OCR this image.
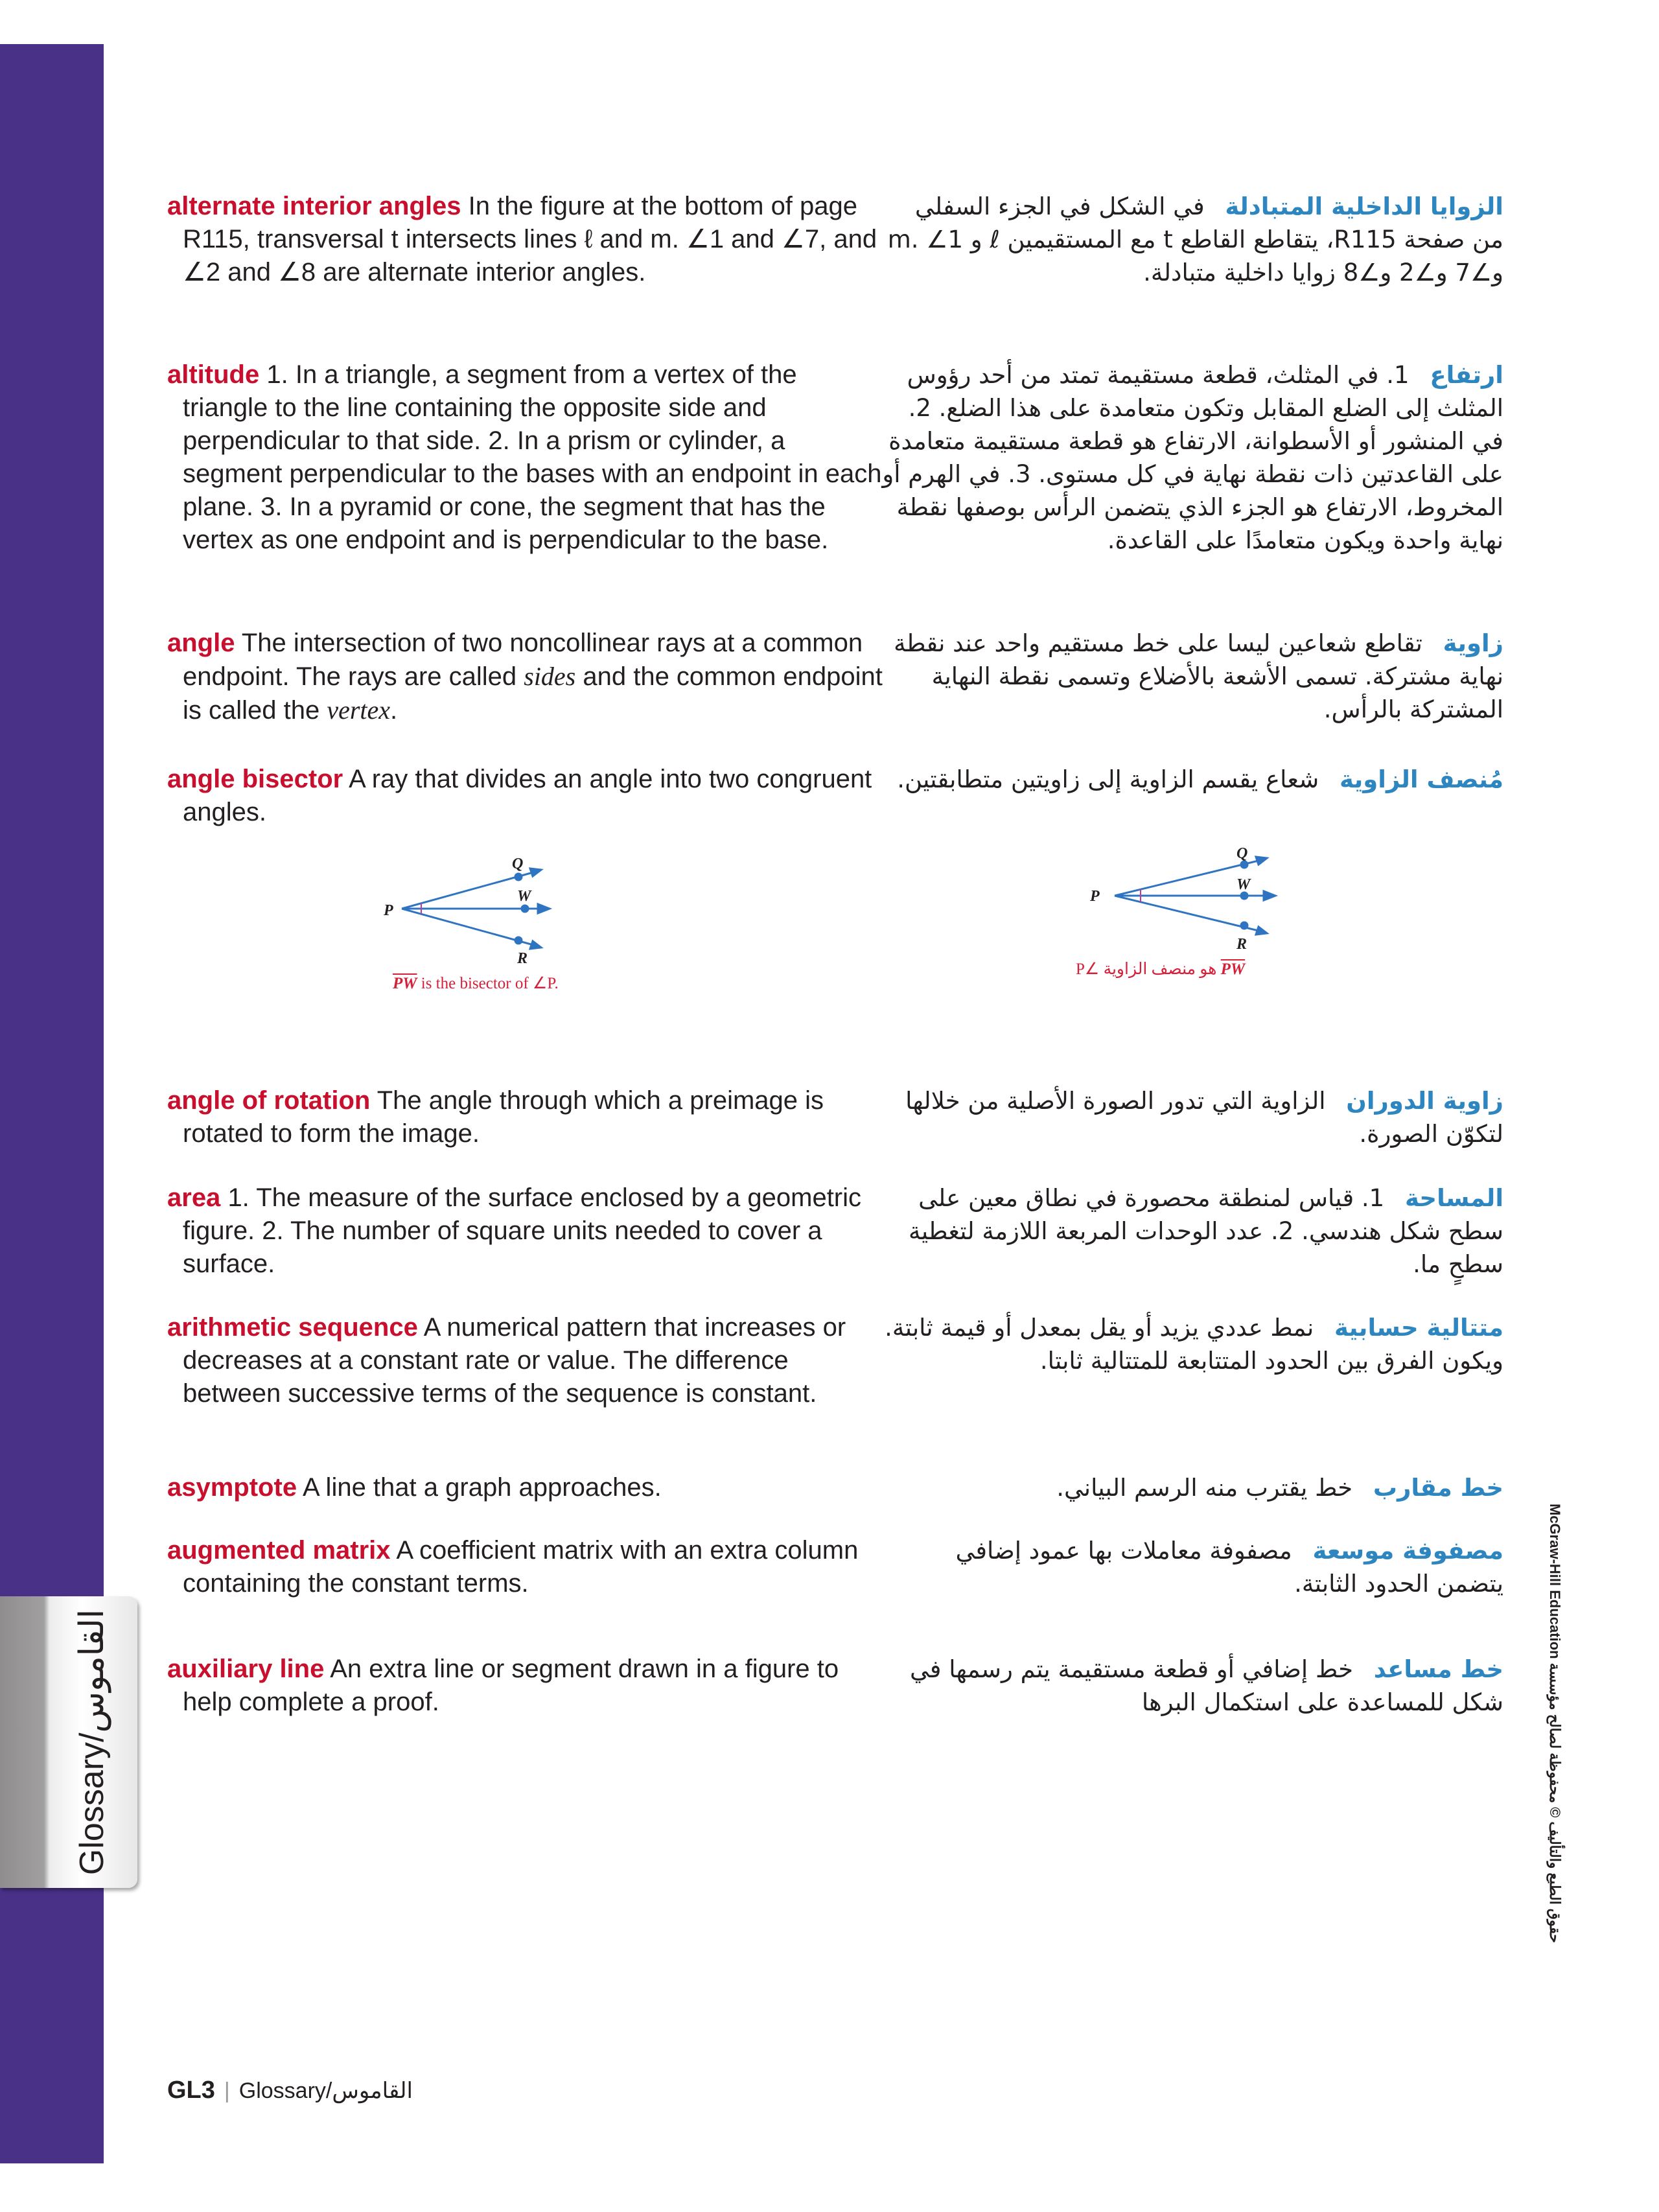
Glossary/القاموس
alternate interior angles In the figure at the bottom of page R115, transversal t intersects lines ℓ and m. ∠1 and ∠7, and ∠2 and ∠8 are alternate interior angles.
الزوايا الداخلية المتبادلة في الشكل في الجزء السفلي من صفحة R115، يتقاطع القاطع t مع المستقيمين ℓ و m. ∠1 و∠7 و∠2 و∠8 زوايا داخلية متبادلة.
altitude 1. In a triangle, a segment from a vertex of the triangle to the line containing the opposite side and perpendicular to that side. 2. In a prism or cylinder, a segment perpendicular to the bases with an endpoint in each plane. 3. In a pyramid or cone, the segment that has the vertex as one endpoint and is perpendicular to the base.
ارتفاع 1. في المثلث، قطعة مستقيمة تمتد من أحد رؤوس المثلث إلى الضلع المقابل وتكون متعامدة على هذا الضلع. 2. في المنشور أو الأسطوانة، الارتفاع هو قطعة مستقيمة متعامدة على القاعدتين ذات نقطة نهاية في كل مستوى. 3. في الهرم أو المخروط، الارتفاع هو الجزء الذي يتضمن الرأس بوصفها نقطة نهاية واحدة ويكون متعامدًا على القاعدة.
angle The intersection of two noncollinear rays at a common endpoint. The rays are called sides and the common endpoint is called the vertex.
زاوية تقاطع شعاعين ليسا على خط مستقيم واحد عند نقطة نهاية مشتركة. تسمى الأشعة بالأضلاع وتسمى نقطة النهاية المشتركة بالرأس.
angle bisector A ray that divides an angle into two congruent angles.
مُنصف الزاوية شعاع يقسم الزاوية إلى زاويتين متطابقتين.
P
Q
W
R
$\overline{PW}$ is the bisector of ∠P.
P
Q
W
R
PW هو منصف الزاوية ∠P
angle of rotation The angle through which a preimage is rotated to form the image.
زاوية الدوران الزاوية التي تدور الصورة الأصلية من خلالها لتكوّن الصورة.
area 1. The measure of the surface enclosed by a geometric figure. 2. The number of square units needed to cover a surface.
المساحة 1. قياس لمنطقة محصورة في نطاق معين على سطح شكل هندسي. 2. عدد الوحدات المربعة اللازمة لتغطية سطحٍ ما.
arithmetic sequence A numerical pattern that increases or decreases at a constant rate or value. The difference between successive terms of the sequence is constant.
متتالية حسابية نمط عددي يزيد أو يقل بمعدل أو قيمة ثابتة. ويكون الفرق بين الحدود المتتابعة للمتتالية ثابتا.
asymptote A line that a graph approaches.	خط مقارب خط يقترب منه الرسم البياني.
augmented matrix A coefficient matrix with an extra column containing the constant terms.
مصفوفة موسعة مصفوفة معاملات بها عمود إضافي يتضمن الحدود الثابتة.
auxiliary line An extra line or segment drawn in a figure to help complete a proof.
خط مساعد خط إضافي أو قطعة مستقيمة يتم رسمها في شكل للمساعدة على استكمال البرها
GL3 | Glossary/القاموس
McGraw-Hill Education حقوق الطبع والتأليف © محفوظة لصالح مؤسسة
